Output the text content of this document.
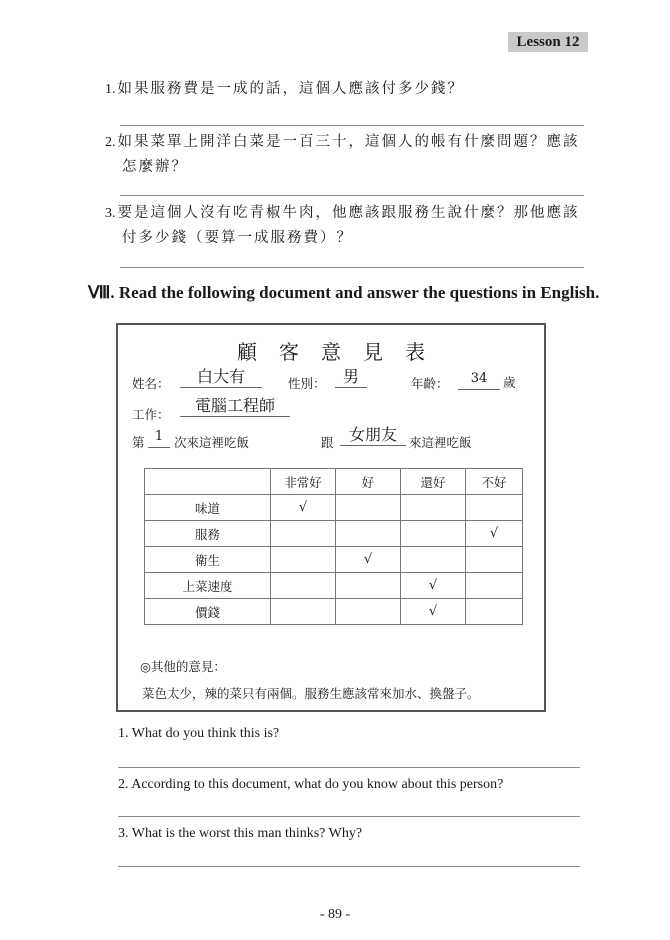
Lesson 12
1. 如果服務費是一成的話，這個人應該付多少錢？
2. 如果菜單上開洋白菜是一百三十，這個人的帳有什麼問題？應該
怎麼辦？
3. 要是這個人沒有吃青椒牛肉，他應該跟服務生說什麼？那他應該
付多少錢（要算一成服務費）？
Ⅷ. Read the following document and answer the questions in English.
顧客意見表
姓名：	白大有	性別：	男	年齡：	34	歲
工作：	電腦工程師
第 1 次來這裡吃飯	跟 女朋友 來這裡吃飯
	非常好	好	還好	不好
味道	√			
服務				√
衛生		√		
上菜速度			√	
價錢			√	
◎其他的意見：
菜色太少，辣的菜只有兩個。服務生應該常來加水、換盤子。
1. What do you think this is?
2. According to this document, what do you know about this person?
3. What is the worst this man thinks? Why?
- 89 -
